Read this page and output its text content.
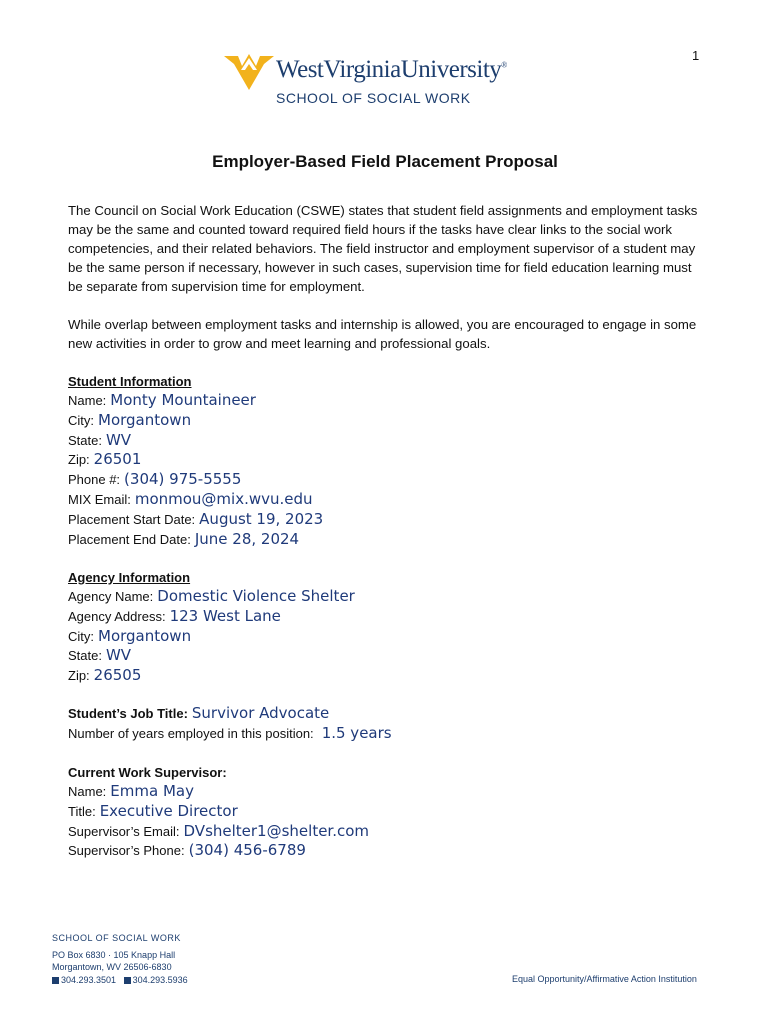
1
WestVirginiaUniversity®
SCHOOL OF SOCIAL WORK
Employer-Based Field Placement Proposal
The Council on Social Work Education (CSWE) states that student field assignments and employment tasks may be the same and counted toward required field hours if the tasks have clear links to the social work competencies, and their related behaviors. The field instructor and employment supervisor of a student may be the same person if necessary, however in such cases, supervision time for field education learning must be separate from supervision time for employment.
While overlap between employment tasks and internship is allowed, you are encouraged to engage in some new activities in order to grow and meet learning and professional goals.
Student Information
Name: Monty Mountaineer
City: Morgantown
State: WV
Zip: 26501
Phone #: (304) 975-5555
MIX Email: monmou@mix.wvu.edu
Placement Start Date: August 19, 2023
Placement End Date: June 28, 2024
Agency Information
Agency Name: Domestic Violence Shelter
Agency Address: 123 West Lane
City: Morgantown
State: WV
Zip: 26505
Student’s Job Title: Survivor Advocate
Number of years employed in this position: 1.5 years
Current Work Supervisor:
Name: Emma May
Title: Executive Director
Supervisor’s Email: DVshelter1@shelter.com
Supervisor’s Phone: (304) 456-6789
SCHOOL OF SOCIAL WORK
PO Box 6830 · 105 Knapp Hall
Morgantown, WV 26506-6830
304.293.3501 304.293.5936	Equal Opportunity/Affirmative Action Institution
